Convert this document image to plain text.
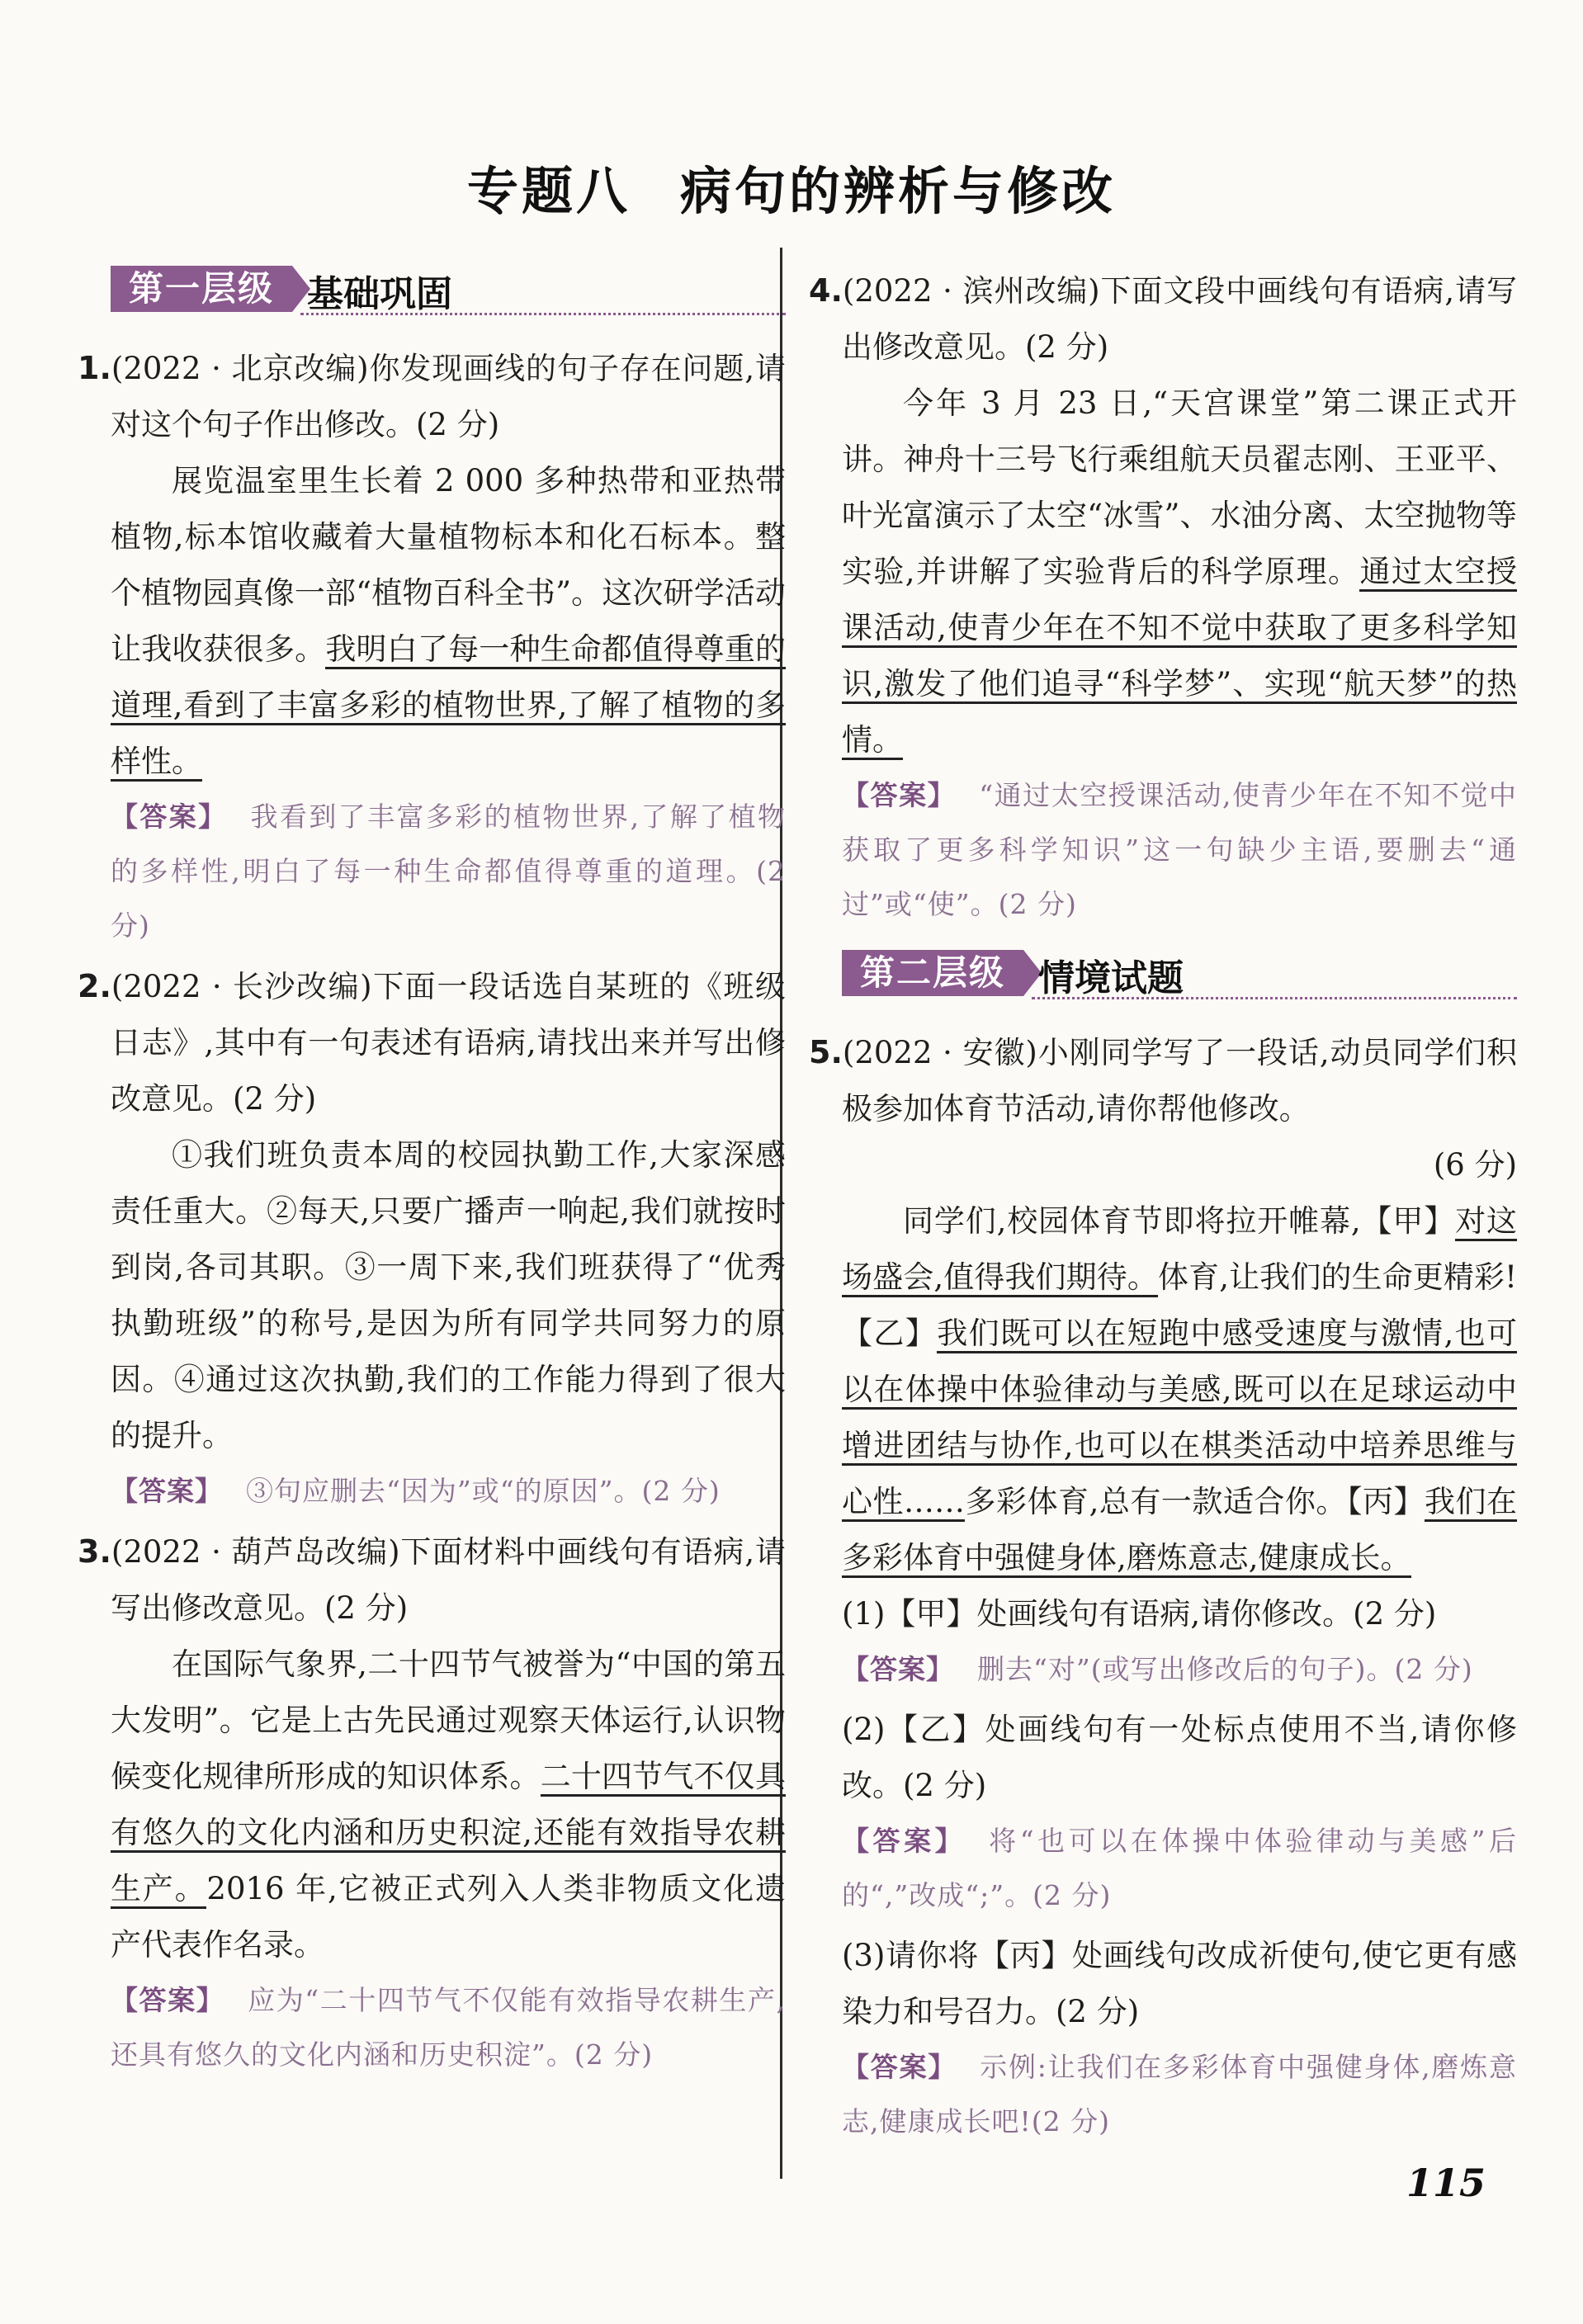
专题八 病句的辨析与修改
第一层级 基础巩固

1.(2022 · 北京改编)你发现画线的句子存在问题,请对这个句子作出修改。(2 分)

展览温室里生长着 2 000 多种热带和亚热带植物,标本馆收藏着大量植物标本和化石标本。整个植物园真像一部“植物百科全书”。这次研学活动让我收获很多。我明白了每一种生命都值得尊重的道理,看到了丰富多彩的植物世界,了解了植物的多样性。

【答案】 我看到了丰富多彩的植物世界,了解了植物的多样性,明白了每一种生命都值得尊重的道理。(2 分)

2.(2022 · 长沙改编)下面一段话选自某班的《班级日志》,其中有一句表述有语病,请找出来并写出修改意见。(2 分)

①我们班负责本周的校园执勤工作,大家深感责任重大。②每天,只要广播声一响起,我们就按时到岗,各司其职。③一周下来,我们班获得了“优秀执勤班级”的称号,是因为所有同学共同努力的原因。④通过这次执勤,我们的工作能力得到了很大的提升。

【答案】 ③句应删去“因为”或“的原因”。(2 分)

3.(2022 · 葫芦岛改编)下面材料中画线句有语病,请写出修改意见。(2 分)

在国际气象界,二十四节气被誉为“中国的第五大发明”。它是上古先民通过观察天体运行,认识物候变化规律所形成的知识体系。二十四节气不仅具有悠久的文化内涵和历史积淀,还能有效指导农耕生产。2016 年,它被正式列入人类非物质文化遗产代表作名录。

【答案】 应为“二十四节气不仅能有效指导农耕生产,还具有悠久的文化内涵和历史积淀”。(2 分)

4.(2022 · 滨州改编)下面文段中画线句有语病,请写出修改意见。(2 分)

今年 3 月 23 日,“天宫课堂”第二课正式开讲。神舟十三号飞行乘组航天员翟志刚、王亚平、叶光富演示了太空“冰雪”、水油分离、太空抛物等实验,并讲解了实验背后的科学原理。通过太空授课活动,使青少年在不知不觉中获取了更多科学知识,激发了他们追寻“科学梦”、实现“航天梦”的热情。

【答案】 “通过太空授课活动,使青少年在不知不觉中获取了更多科学知识”这一句缺少主语,要删去“通过”或“使”。(2 分)

第二层级 情境试题

5.(2022 · 安徽)小刚同学写了一段话,动员同学们积极参加体育节活动,请你帮他修改。

(6 分)

同学们,校园体育节即将拉开帷幕,【甲】对这场盛会,值得我们期待。体育,让我们的生命更精彩!【乙】我们既可以在短跑中感受速度与激情,也可以在体操中体验律动与美感,既可以在足球运动中增进团结与协作,也可以在棋类活动中培养思维与心性……多彩体育,总有一款适合你。【丙】我们在多彩体育中强健身体,磨炼意志,健康成长。

(1)【甲】处画线句有语病,请你修改。(2 分)

【答案】 删去“对”(或写出修改后的句子)。(2 分)

(2)【乙】处画线句有一处标点使用不当,请你修改。(2 分)

【答案】 将“也可以在体操中体验律动与美感”后的“,”改成“;”。(2 分)

(3)请你将【丙】处画线句改成祈使句,使它更有感染力和号召力。(2 分)

【答案】 示例:让我们在多彩体育中强健身体,磨炼意志,健康成长吧!(2 分)

115
